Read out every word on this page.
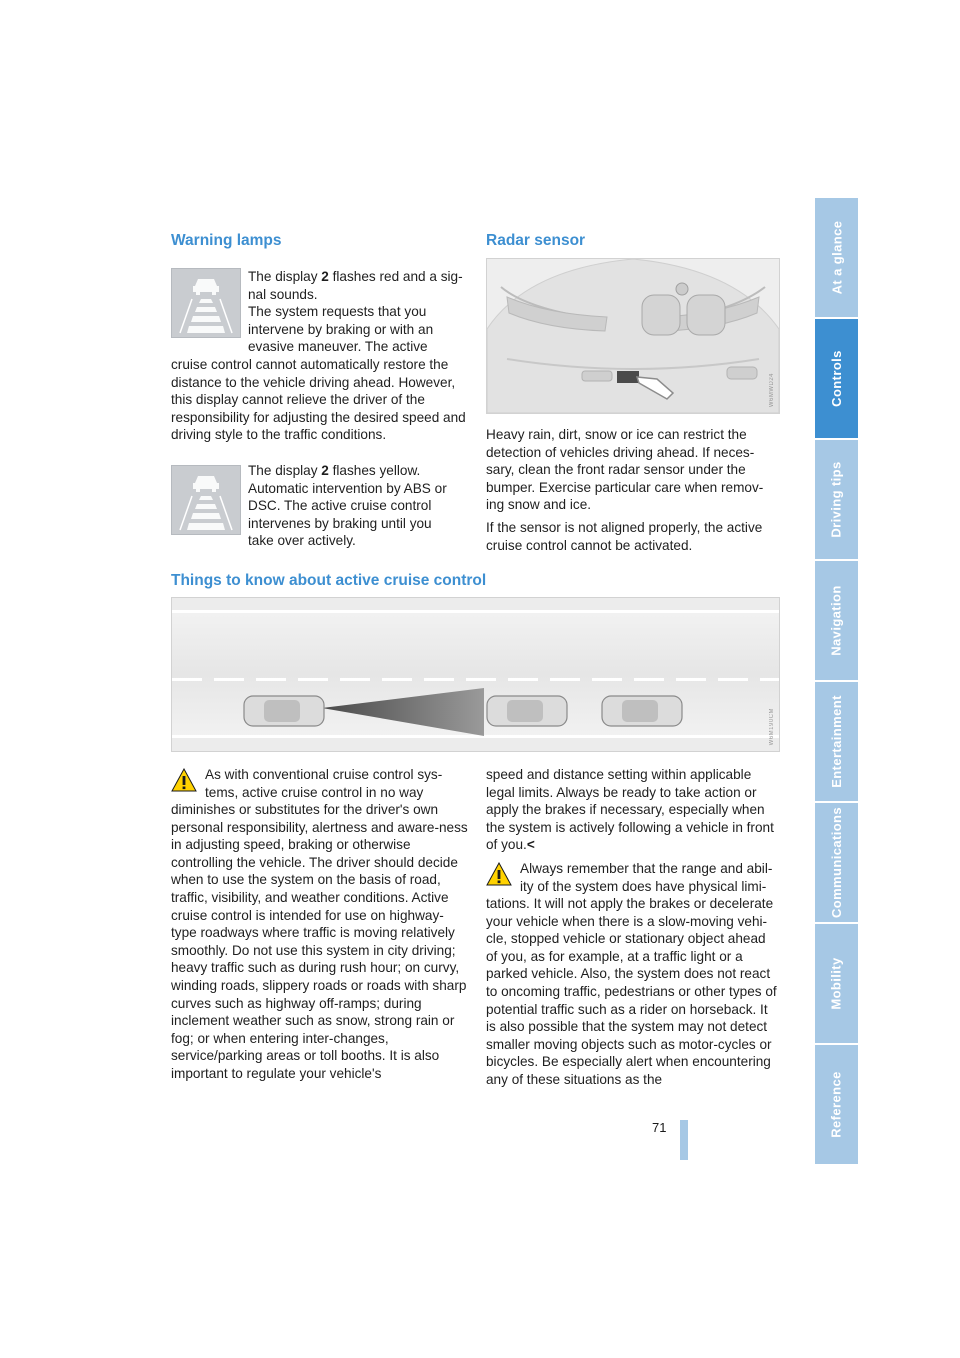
At a glance
Controls
Driving tips
Navigation
Entertainment
Communications
Mobility
Reference
Warning lamps

The display 2 flashes red and a sig-nal sounds.

The system requests that you

intervene by braking or with an

evasive maneuver. The active

cruise control cannot automatically restore the distance to the vehicle driving ahead. However, this display cannot relieve the driver of the responsibility for adjusting the desired speed and driving style to the traffic conditions.

The display 2 flashes yellow.

Automatic intervention by ABS or

DSC. The active cruise control

intervenes by braking until you

take over actively.

Radar sensor
W6MWD24
Heavy rain, dirt, snow or ice can restrict the detection of vehicles driving ahead. If neces-sary, clean the front radar sensor under the bumper. Exercise particular care when remov-ing snow and ice.
If the sensor is not aligned properly, the active cruise control cannot be activated.
Things to know about active cruise control
W6M190CM

As with conventional cruise control sys-

tems, active cruise control in no way

diminishes or substitutes for the driver's own personal responsibility, alertness and aware-ness in adjusting speed, braking or otherwise controlling the vehicle. The driver should decide when to use the system on the basis of road, traffic, visibility, and weather conditions. Active cruise control is intended for use on highway-type roadways where traffic is moving relatively smoothly. Do not use this system in city driving; heavy traffic such as during rush hour; on curvy, winding roads, slippery roads or roads with sharp curves such as highway off-ramps; during inclement weather such as snow, strong rain or fog; or when entering inter-changes, service/parking areas or toll booths. It is also important to regulate your vehicle's
speed and distance setting within applicable legal limits. Always be ready to take action or apply the brakes if necessary, especially when the system is actively following a vehicle in front of you.<

Always remember that the range and abil-

ity of the system does have physical limi-

tations. It will not apply the brakes or decelerate your vehicle when there is a slow-moving vehi-cle, stopped vehicle or stationary object ahead of you, as for example, at a traffic light or a parked vehicle. Also, the system does not react to oncoming traffic, pedestrians or other types of potential traffic such as a rider on horseback. It is also possible that the system may not detect smaller moving objects such as motor-cycles or bicycles. Be especially alert when encountering any of these situations as the
71
